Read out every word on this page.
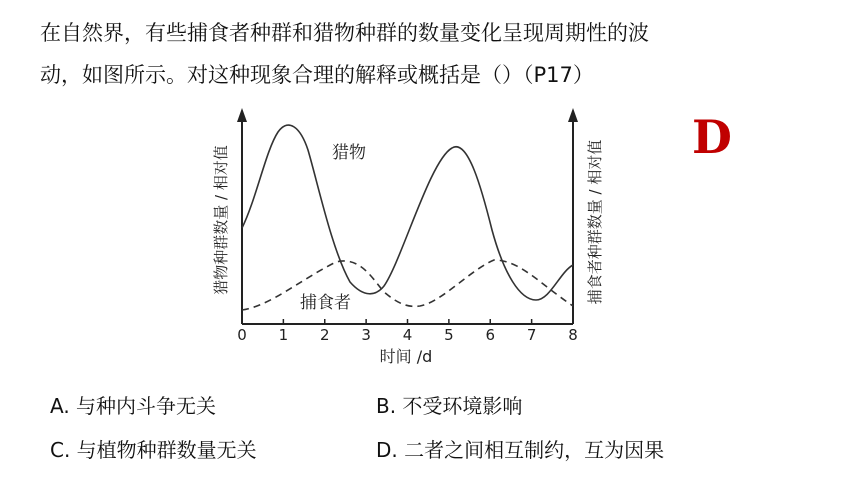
在自然界，有些捕食者种群和猎物种群的数量变化呈现周期性的波
动，如图所示。对这种现象合理的解释或概括是（）（P17）
D
0 1 2 3 4 5 6 7 8
猎物
捕食者
猎物种群数量 / 相对值	捕食者种群数量 / 相对值
时间 /d
A. 与种内斗争无关	B. 不受环境影响
C. 与植物种群数量无关	D. 二者之间相互制约，互为因果
